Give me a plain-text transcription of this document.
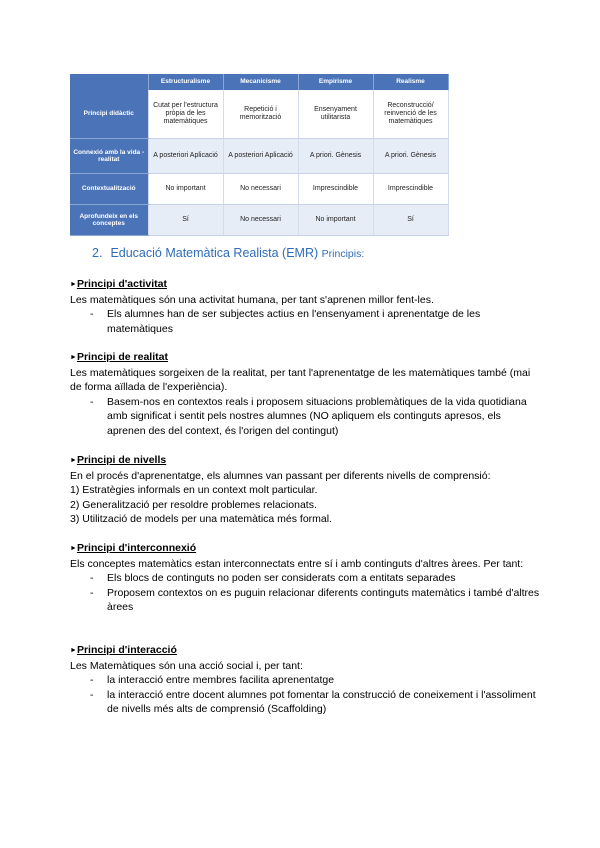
	Estructuralisme	Mecanicisme	Empirisme	Realisme
Principi didàctic	Cutat per l'estructura pròpia de les matemàtiques	Repetició i memorització	Ensenyament utilitarista	Reconstrucció/ reinvenció de les matemàtiques
Connexió amb la vida - realitat	A posteriori Aplicació	A posteriori Aplicació	A priori. Gènesis	A priori. Gènesis
Contextualització	No important	No necessari	Imprescindible	Imprescindible
Aprofundeix en els conceptes	Sí	No necessari	No important	Sí
2. Educació Matemàtica Realista (EMR) Principis:
►Principi d'activitat
Les matemàtiques són una activitat humana, per tant s'aprenen millor fent-les.
- Els alumnes han de ser subjectes actius en l'ensenyament i aprenentatge de les matemàtiques
►Principi de realitat
Les matemàtiques sorgeixen de la realitat, per tant l'aprenentatge de les matemàtiques també (mai de forma aïllada de l'experiència).
- Basem-nos en contextos reals i proposem situacions problemàtiques de la vida quotidiana amb significat i sentit pels nostres alumnes (NO apliquem els continguts apresos, els aprenen des del context, és l'origen del contingut)
►Principi de nivells
En el procés d'aprenentatge, els alumnes van passant per diferents nivells de comprensió:
1) Estratègies informals en un context molt particular.
2) Generalització per resoldre problemes relacionats.
3) Utilització de models per una matemàtica més formal.
►Principi d'interconnexió
Els conceptes matemàtics estan interconnectats entre sí i amb continguts d'altres àrees. Per tant:
- Els blocs de continguts no poden ser considerats com a entitats separades
- Proposem contextos on es puguin relacionar diferents continguts matemàtics i també d'altres àrees
►Principi d'interacció
Les Matemàtiques són una acció social i, per tant:
- la interacció entre membres facilita aprenentatge
- la interacció entre docent alumnes pot fomentar la construcció de coneixement i l'assoliment de nivells més alts de comprensió (Scaffolding)
